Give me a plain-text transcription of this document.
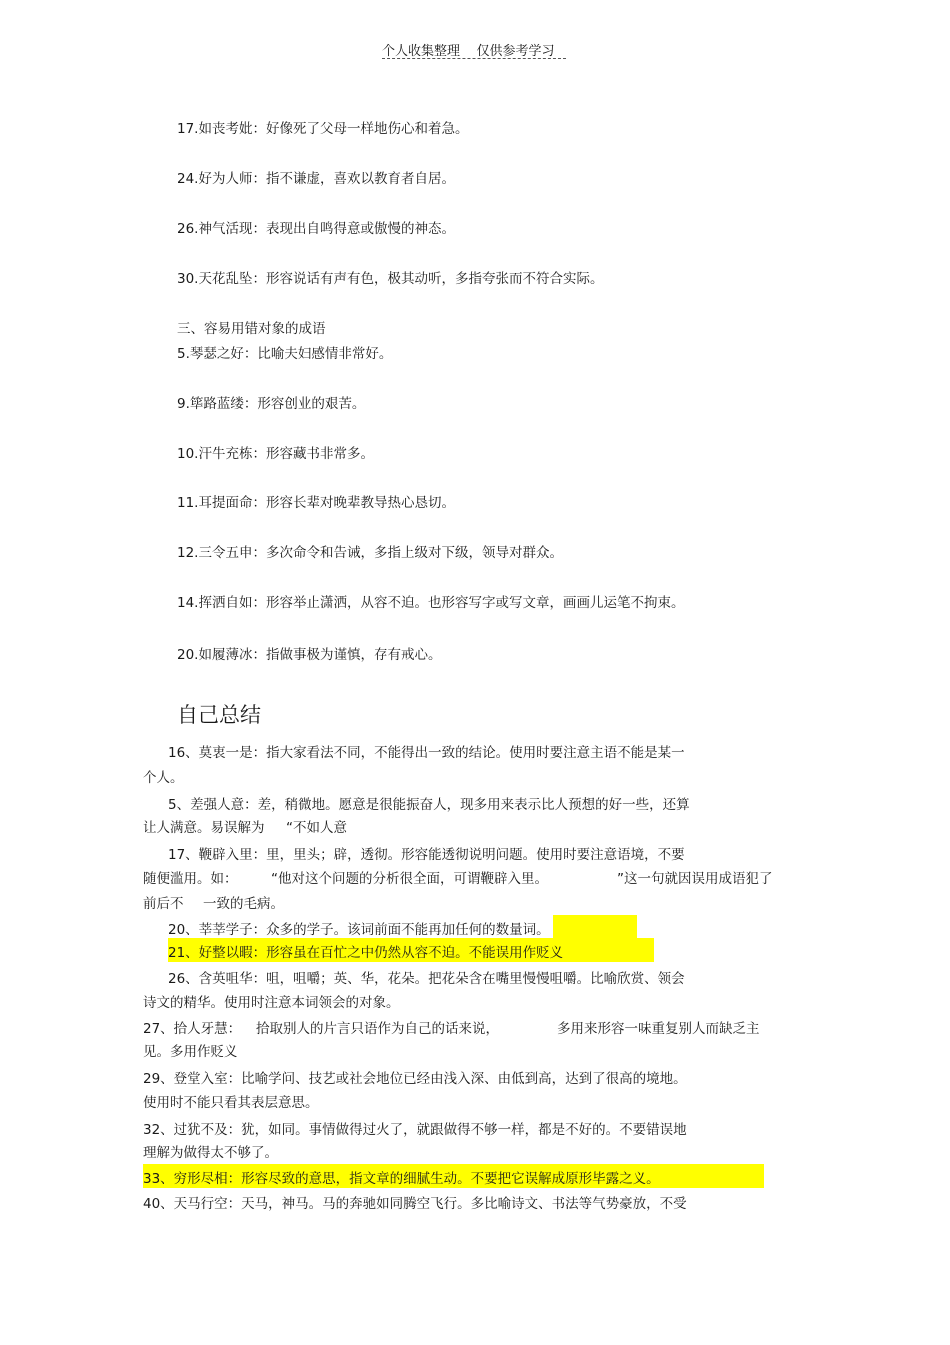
个人收集整理    仅供参考学习
17.如丧考妣：好像死了父母一样地伤心和着急。
24.好为人师：指不谦虚，喜欢以教育者自居。
26.神气活现：表现出自鸣得意或傲慢的神态。
30.天花乱坠：形容说话有声有色，极其动听，多指夸张而不符合实际。
三、容易用错对象的成语
5.琴瑟之好：比喻夫妇感情非常好。
9.筚路蓝缕：形容创业的艰苦。
10.汗牛充栋：形容藏书非常多。
11.耳提面命：形容长辈对晚辈教导热心恳切。
12.三令五申：多次命令和告诫，多指上级对下级，领导对群众。
14.挥洒自如：形容举止潇洒，从容不迫。也形容写字或写文章，画画儿运笔不拘束。
20.如履薄冰：指做事极为谨慎，存有戒心。
自己总结
16、莫衷一是：指大家看法不同，不能得出一致的结论。使用时要注意主语不能是某一
个人。
5、差强人意：差，稍微地。愿意是很能振奋人，现多用来表示比人预想的好一些，还算
让人满意。易误解为 “不如人意
17、鞭辟入里：里，里头；辟，透彻。形容能透彻说明问题。使用时要注意语境，不要
随便滥用。如： “他对这个问题的分析很全面，可谓鞭辟入里。	”这一句就因误用成语犯了
前后不 一致的毛病。
20、莘莘学子：众多的学子。该词前面不能再加任何的数量词。
21、好整以暇：形容虽在百忙之中仍然从容不迫。不能误用作贬义
26、含英咀华：咀，咀嚼；英、华，花朵。把花朵含在嘴里慢慢咀嚼。比喻欣赏、领会
诗文的精华。使用时注意本词领会的对象。
27、拾人牙慧： 拾取别人的片言只语作为自己的话来说，	多用来形容一味重复别人而缺乏主
见。多用作贬义
29、登堂入室：比喻学问、技艺或社会地位已经由浅入深、由低到高，达到了很高的境地。
使用时不能只看其表层意思。
32、过犹不及：犹，如同。事情做得过火了，就跟做得不够一样，都是不好的。不要错误地
理解为做得太不够了。
33、穷形尽相：形容尽致的意思，指文章的细腻生动。不要把它误解成原形毕露之义。
40、天马行空：天马，神马。马的奔驰如同腾空飞行。多比喻诗文、书法等气势豪放，不受
